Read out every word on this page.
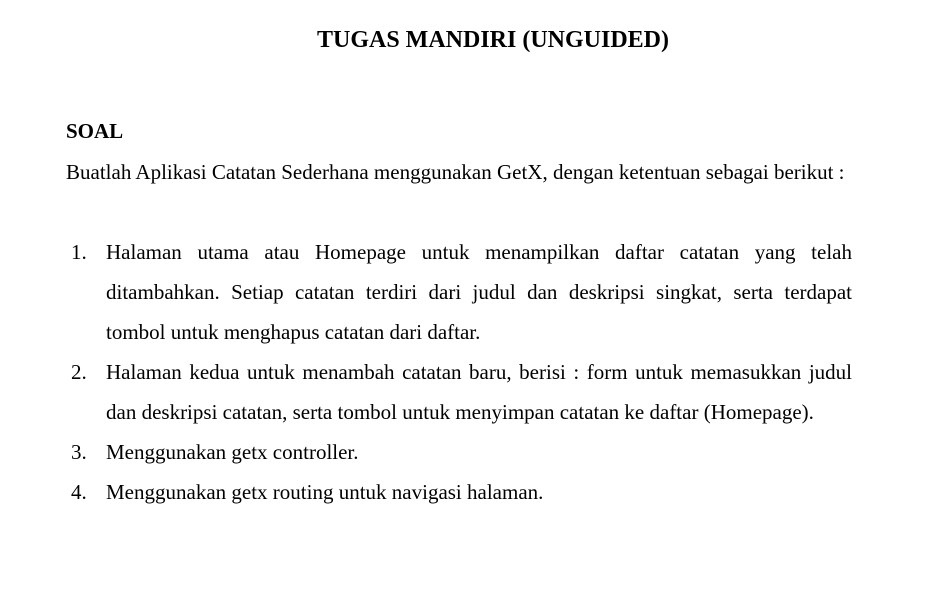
TUGAS MANDIRI (UNGUIDED)
SOAL

Buatlah Aplikasi Catatan Sederhana menggunakan GetX, dengan ketentuan sebagai berikut :

1. Halaman utama atau Homepage untuk menampilkan daftar catatan yang telah ditambahkan. Setiap catatan terdiri dari judul dan deskripsi singkat, serta terdapat tombol untuk menghapus catatan dari daftar.
2. Halaman kedua untuk menambah catatan baru, berisi : form untuk memasukkan judul dan deskripsi catatan, serta tombol untuk menyimpan catatan ke daftar (Homepage).
3. Menggunakan getx controller.
4. Menggunakan getx routing untuk navigasi halaman.
